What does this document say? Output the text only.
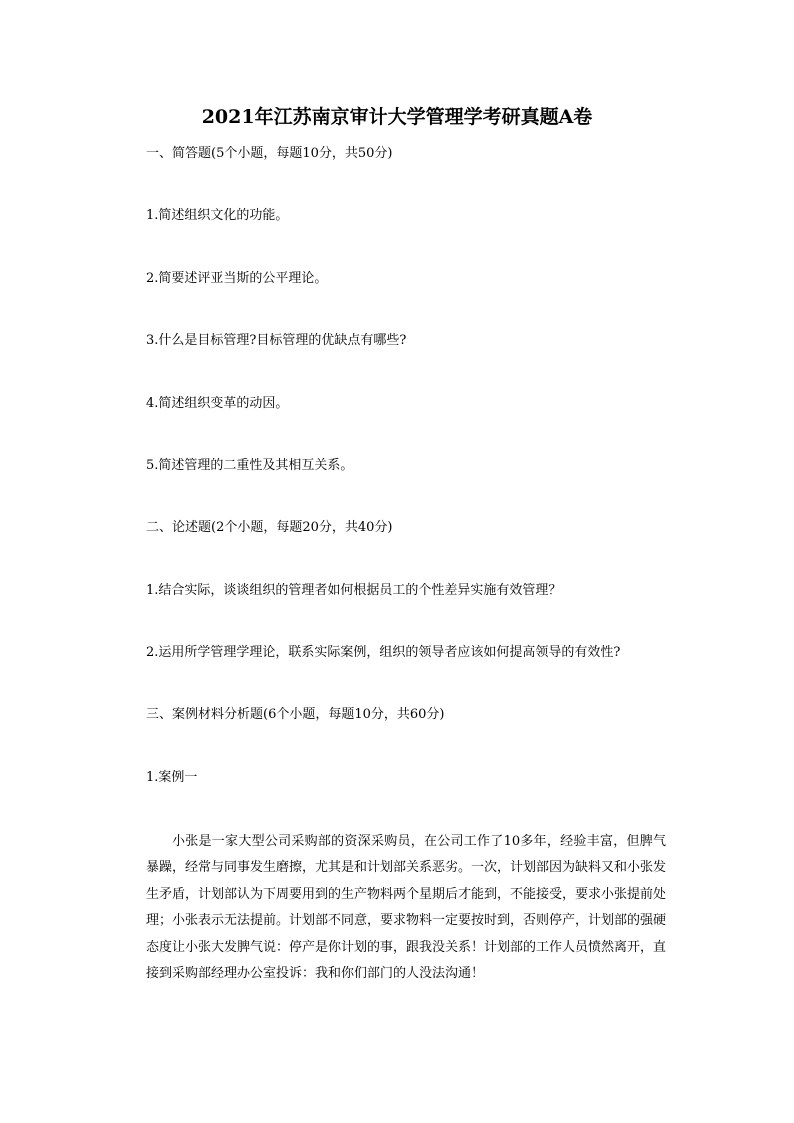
2021年江苏南京审计大学管理学考研真题A卷
一、简答题(5个小题，每题10分，共50分)
1.简述组织文化的功能。
2.简要述评亚当斯的公平理论。
3.什么是目标管理?目标管理的优缺点有哪些?
4.简述组织变革的动因。
5.简述管理的二重性及其相互关系。
二、论述题(2个小题，每题20分，共40分)
1.结合实际，谈谈组织的管理者如何根据员工的个性差异实施有效管理？
2.运用所学管理学理论，联系实际案例，组织的领导者应该如何提高领导的有效性?
三、案例材料分析题(6个小题，每题10分，共60分)
1.案例一
小张是一家大型公司采购部的资深采购员，在公司工作了10多年，经验丰富，但脾气暴躁，经常与同事发生磨擦，尤其是和计划部关系恶劣。一次，计划部因为缺料又和小张发生矛盾，计划部认为下周要用到的生产物料两个星期后才能到，不能接受，要求小张提前处理；小张表示无法提前。计划部不同意，要求物料一定要按时到，否则停产，计划部的强硬态度让小张大发脾气说：停产是你计划的事，跟我没关系！计划部的工作人员愤然离开，直接到采购部经理办公室投诉：我和你们部门的人没法沟通！
